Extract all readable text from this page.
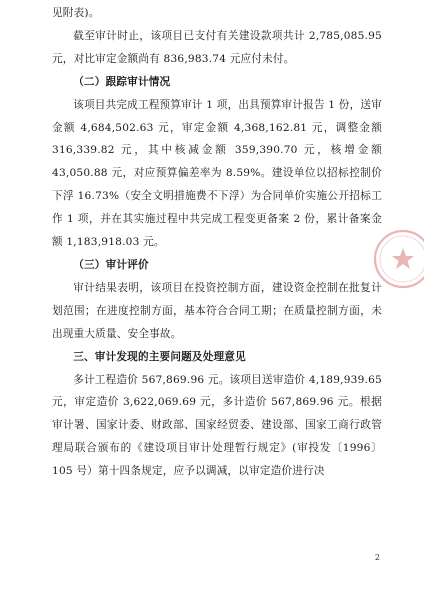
见附表)。

截至审计时止，该项目已支付有关建设款项共计 2,785,085.95 元，对比审定金额尚有 836,983.74 元应付未付。

（二）跟踪审计情况

该项目共完成工程预算审计 1 项，出具预算审计报告 1 份，送审金额 4,684,502.63 元，审定金额 4,368,162.81 元，调整金额 316,339.82 元，其中核减金额 359,390.70 元，核增金额 43,050.88 元，对应预算偏差率为 8.59%。建设单位以招标控制价下浮 16.73%（安全文明措施费不下浮）为合同单价实施公开招标工作 1 项，并在其实施过程中共完成工程变更备案 2 份，累计备案金额 1,183,918.03 元。

（三）审计评价

审计结果表明，该项目在投资控制方面，建设资金控制在批复计划范围；在进度控制方面，基本符合合同工期；在质量控制方面，未出现重大质量、安全事故。

三、审计发现的主要问题及处理意见

多计工程造价 567,869.96 元。该项目送审造价 4,189,939.65 元，审定造价 3,622,069.69 元，多计造价 567,869.96 元。根据审计署、国家计委、财政部、国家经贸委、建设部、国家工商行政管理局联合颁布的《建设项目审计处理暂行规定》(审投发〔1996〕105 号）第十四条规定，应予以调减，以审定造价进行决

2
